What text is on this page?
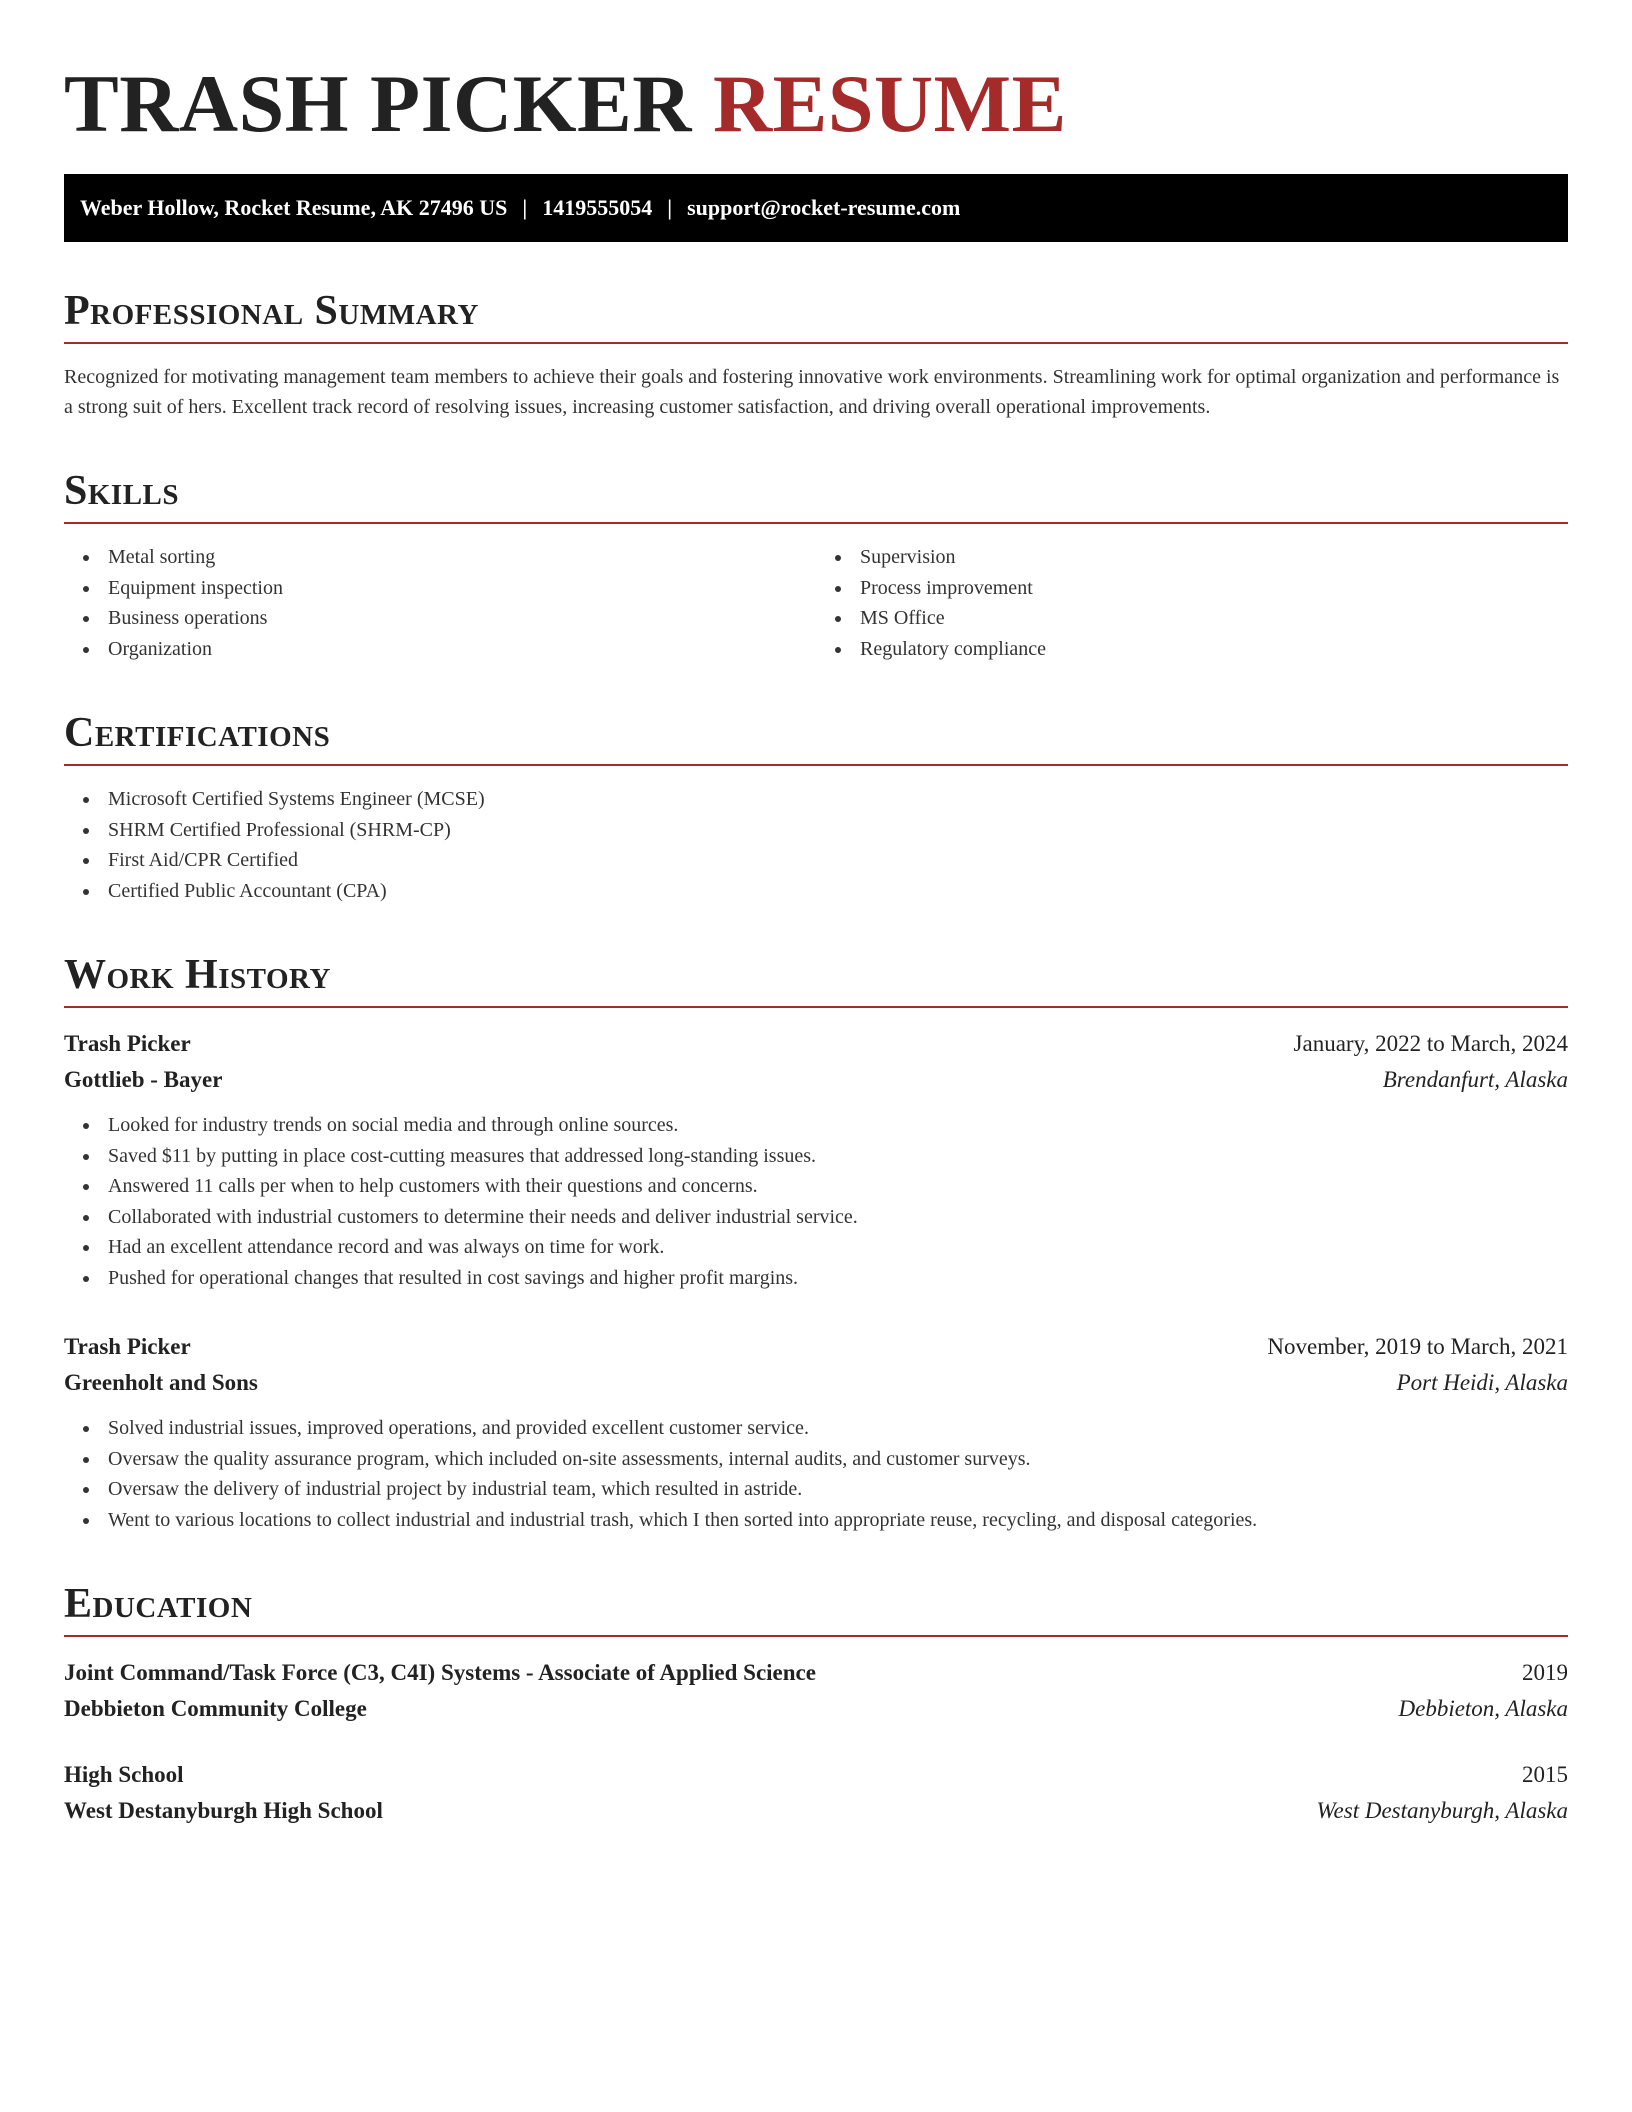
TRASH PICKER RESUME
Weber Hollow, Rocket Resume, AK 27496 US | 1419555054 | support@rocket-resume.com
Professional Summary

Recognized for motivating management team members to achieve their goals and fostering innovative work environments. Streamlining work for optimal organization and performance is a strong suit of hers. Excellent track record of resolving issues, increasing customer satisfaction, and driving overall operational improvements.

Skills
Metal sorting
Equipment inspection
Business operations
Organization
Supervision
Process improvement
MS Office
Regulatory compliance
Certifications
Microsoft Certified Systems Engineer (MCSE)
SHRM Certified Professional (SHRM-CP)
First Aid/CPR Certified
Certified Public Accountant (CPA)
Work History
Trash Picker	January, 2022 to March, 2024
Gottlieb - Bayer	Brendanfurt, Alaska
Looked for industry trends on social media and through online sources.
Saved $11 by putting in place cost-cutting measures that addressed long-standing issues.
Answered 11 calls per when to help customers with their questions and concerns.
Collaborated with industrial customers to determine their needs and deliver industrial service.
Had an excellent attendance record and was always on time for work.
Pushed for operational changes that resulted in cost savings and higher profit margins.
Trash Picker	November, 2019 to March, 2021
Greenholt and Sons	Port Heidi, Alaska
Solved industrial issues, improved operations, and provided excellent customer service.
Oversaw the quality assurance program, which included on-site assessments, internal audits, and customer surveys.
Oversaw the delivery of industrial project by industrial team, which resulted in astride.
Went to various locations to collect industrial and industrial trash, which I then sorted into appropriate reuse, recycling, and disposal categories.
Education
Joint Command/Task Force (C3, C4I) Systems - Associate of Applied Science	2019
Debbieton Community College	Debbieton, Alaska
High School	2015
West Destanyburgh High School	West Destanyburgh, Alaska
